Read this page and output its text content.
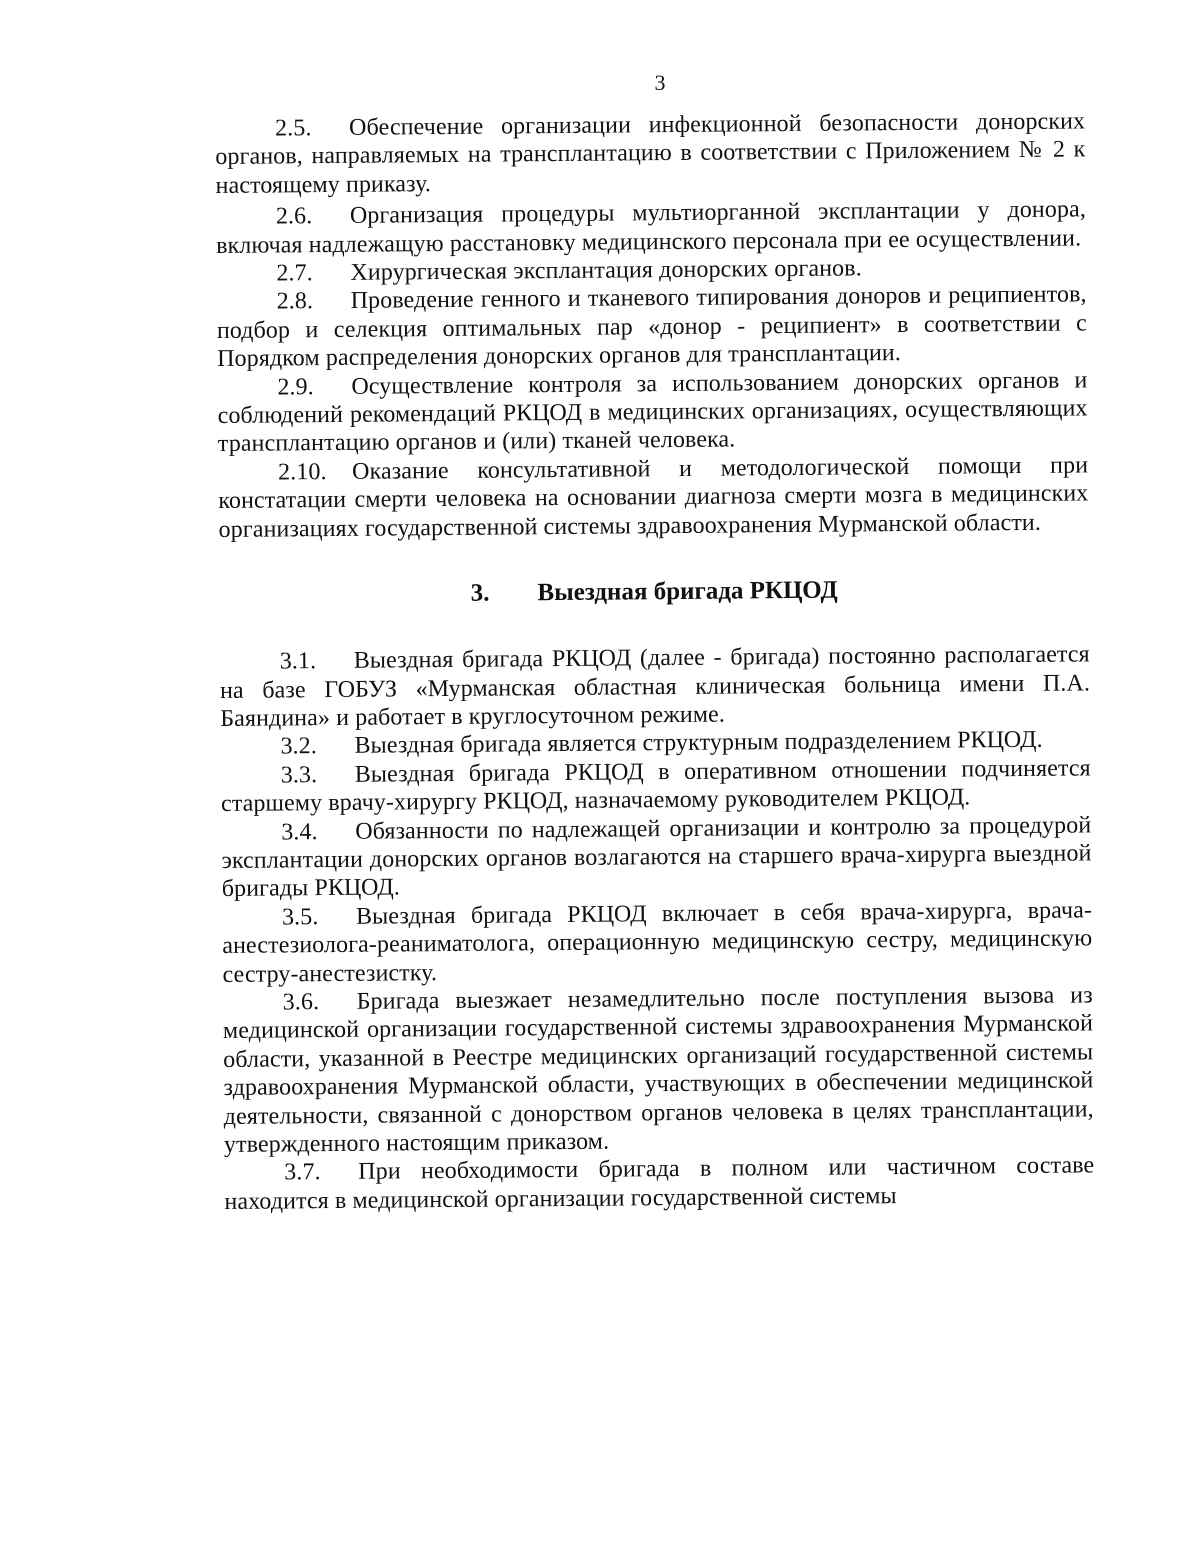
3

2.5. Обеспечение организации инфекционной безопасности донорских органов, направляемых на трансплантацию в соответствии с Приложением № 2 к настоящему приказу.

2.6. Организация процедуры мультиорганной эксплантации у донора, включая надлежащую расстановку медицинского персонала при ее осуществлении.

2.7. Хирургическая эксплантация донорских органов.

2.8. Проведение генного и тканевого типирования доноров и реципиентов, подбор и селекция оптимальных пар «донор - реципиент» в соответствии с Порядком распределения донорских органов для трансплантации.

2.9. Осуществление контроля за использованием донорских органов и соблюдений рекомендаций РКЦОД в медицинских организациях, осуществляющих трансплантацию органов и (или) тканей человека.

2.10. Оказание консультативной и методологической помощи при констатации смерти человека на основании диагноза смерти мозга в медицинских организациях государственной системы здравоохранения Мурманской области.

3. Выездная бригада РКЦОД

3.1. Выездная бригада РКЦОД (далее - бригада) постоянно располагается на базе ГОБУЗ «Мурманская областная клиническая больница имени П.А. Баяндина» и работает в круглосуточном режиме.

3.2. Выездная бригада является структурным подразделением РКЦОД.

3.3. Выездная бригада РКЦОД в оперативном отношении подчиняется старшему врачу-хирургу РКЦОД, назначаемому руководителем РКЦОД.

3.4. Обязанности по надлежащей организации и контролю за процедурой эксплантации донорских органов возлагаются на старшего врача-хирурга выездной бригады РКЦОД.

3.5. Выездная бригада РКЦОД включает в себя врача-хирурга, врача-анестезиолога-реаниматолога, операционную медицинскую сестру, медицинскую сестру-анестезистку.

3.6. Бригада выезжает незамедлительно после поступления вызова из медицинской организации государственной системы здравоохранения Мурманской области, указанной в Реестре медицинских организаций государственной системы здравоохранения Мурманской области, участвующих в обеспечении медицинской деятельности, связанной с донорством органов человека в целях трансплантации, утвержденного настоящим приказом.

3.7. При необходимости бригада в полном или частичном составе находится в медицинской организации государственной системы
